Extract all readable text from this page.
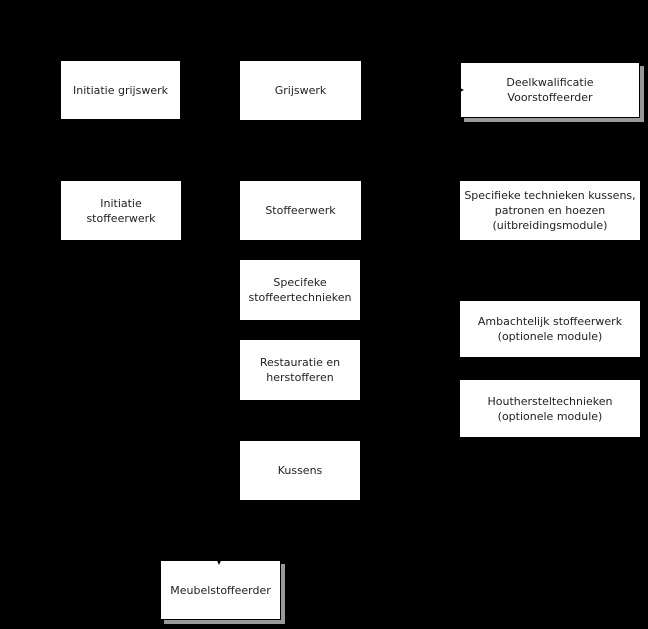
Initiatie grijswerk
Initiatie stoffeerwerk
Grijswerk
Stoffeerwerk
Specifeke stoffeertechnieken
Restauratie en herstofferen
Kussens
Deelkwalificatie Voorstoffeerder
Specifieke technieken kussens, patronen en hoezen (uitbreidingsmodule)
Ambachtelijk stoffeerwerk (optionele module)
Houthersteltechnieken (optionele module)
Meubelstoffeerder
